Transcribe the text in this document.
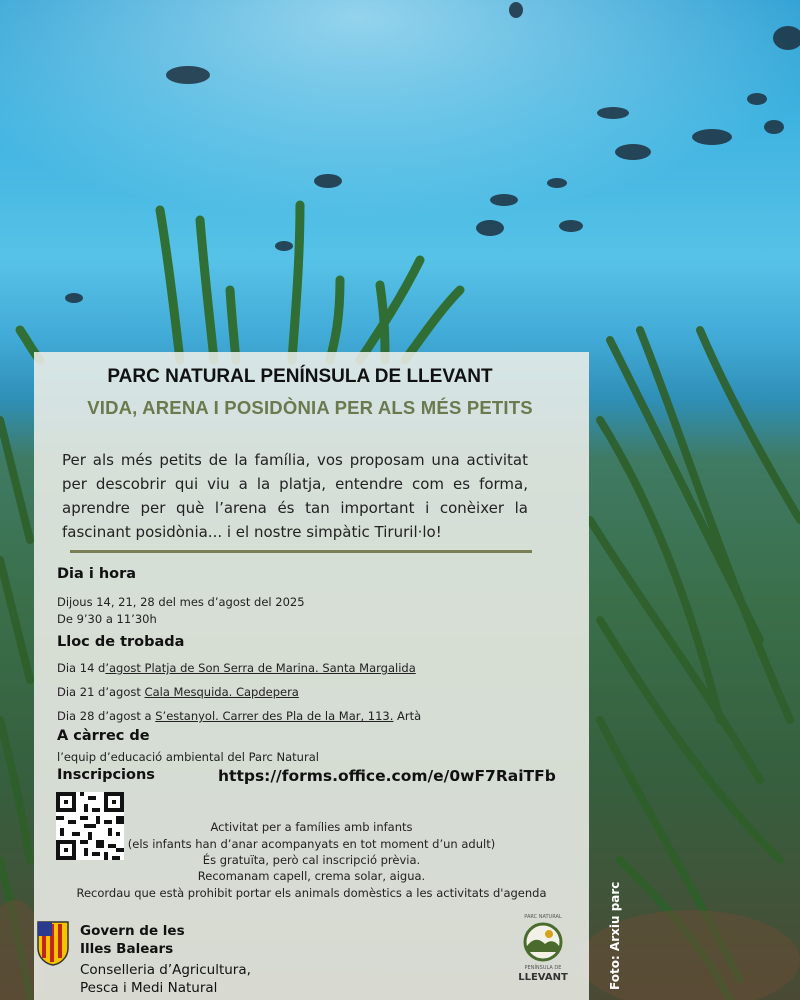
PARC NATURAL PENÍNSULA DE LLEVANT
VIDA, ARENA I POSIDÒNIA PER ALS MÉS PETITS
Per als més petits de la família, vos proposam una activitat per descobrir qui viu a la platja, entendre com es forma, aprendre per què l’arena és tan important i conèixer la fascinant posidònia... i el nostre simpàtic Tiruril·lo!
Dia i hora
Dijous 14, 21, 28 del mes d’agost del 2025
De 9’30 a 11’30h
Lloc de trobada
Dia 14 d’agost Platja de Son Serra de Marina. Santa Margalida
Dia 21 d’agost Cala Mesquida. Capdepera
Dia 28 d’agost a S’estanyol. Carrer des Pla de la Mar, 113. Artà
A càrrec de
l’equip d’educació ambiental del Parc Natural
Inscripcions	https://forms.office.com/e/0wF7RaiTFb
Activitat per a famílies amb infants
(els infants han d’anar acompanyats en tot moment d’un adult)
És gratuïta, però cal inscripció prèvia.
Recomanam capell, crema solar, aigua.
Recordau que està prohibit portar els animals domèstics a les activitats d'agenda
Govern de les
Illes Balears
Conselleria d’Agricultura,
Pesca i Medi Natural
PARC NATURAL
PENÍNSULA DE
LLEVANT	Foto: Arxiu parc
